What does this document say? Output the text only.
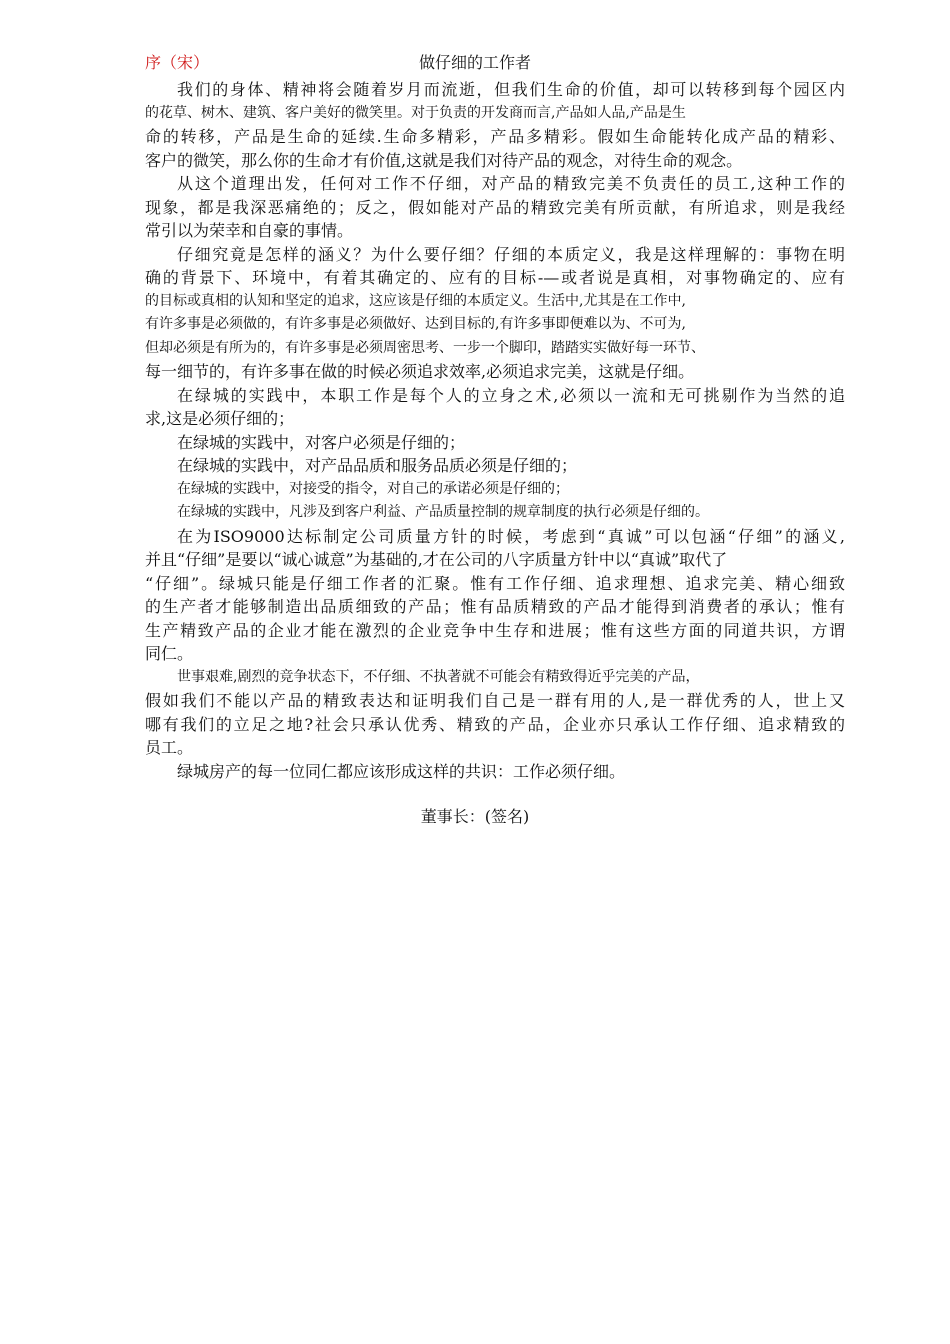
做仔细的工作者
序（宋）
我们的身体、精神将会随着岁月而流逝，但我们生命的价值，却可以转移到每个园区内
的花草、树木、建筑、客户美好的微笑里。对于负责的开发商而言,产品如人品,产品是生
命的转移，产品是生命的延续.生命多精彩，产品多精彩。假如生命能转化成产品的精彩、
客户的微笑，那么你的生命才有价值,这就是我们对待产品的观念，对待生命的观念。
从这个道理出发，任何对工作不仔细，对产品的精致完美不负责任的员工,这种工作的
现象，都是我深恶痛绝的；反之，假如能对产品的精致完美有所贡献，有所追求，则是我经
常引以为荣幸和自豪的事情。
仔细究竟是怎样的涵义？为什么要仔细？仔细的本质定义，我是这样理解的：事物在明
确的背景下、环境中，有着其确定的、应有的目标-—或者说是真相，对事物确定的、应有
的目标或真相的认知和坚定的追求，这应该是仔细的本质定义。生活中,尤其是在工作中,
有许多事是必须做的，有许多事是必须做好、达到目标的,有许多事即便难以为、不可为,
但却必须是有所为的，有许多事是必须周密思考、一步一个脚印，踏踏实实做好每一环节、
每一细节的，有许多事在做的时候必须追求效率,必须追求完美，这就是仔细。
在绿城的实践中，本职工作是每个人的立身之术,必须以一流和无可挑剔作为当然的追
求,这是必须仔细的；
在绿城的实践中，对客户必须是仔细的；
在绿城的实践中，对产品品质和服务品质必须是仔细的；
在绿城的实践中，对接受的指令，对自己的承诺必须是仔细的；
在绿城的实践中，凡涉及到客户利益、产品质量控制的规章制度的执行必须是仔细的。
在为ISO9000达标制定公司质量方针的时候，考虑到“真诚”可以包涵“仔细”的涵义,
并且“仔细”是要以“诚心诚意”为基础的,才在公司的八字质量方针中以“真诚”取代了
“仔细”。绿城只能是仔细工作者的汇聚。惟有工作仔细、追求理想、追求完美、精心细致
的生产者才能够制造出品质细致的产品；惟有品质精致的产品才能得到消费者的承认；惟有
生产精致产品的企业才能在激烈的企业竞争中生存和进展；惟有这些方面的同道共识，方谓
同仁。
世事艰难,剧烈的竞争状态下，不仔细、不执著就不可能会有精致得近乎完美的产品，
假如我们不能以产品的精致表达和证明我们自己是一群有用的人,是一群优秀的人，世上又
哪有我们的立足之地?社会只承认优秀、精致的产品，企业亦只承认工作仔细、追求精致的
员工。
绿城房产的每一位同仁都应该形成这样的共识：工作必须仔细。
董事长：(签名)
